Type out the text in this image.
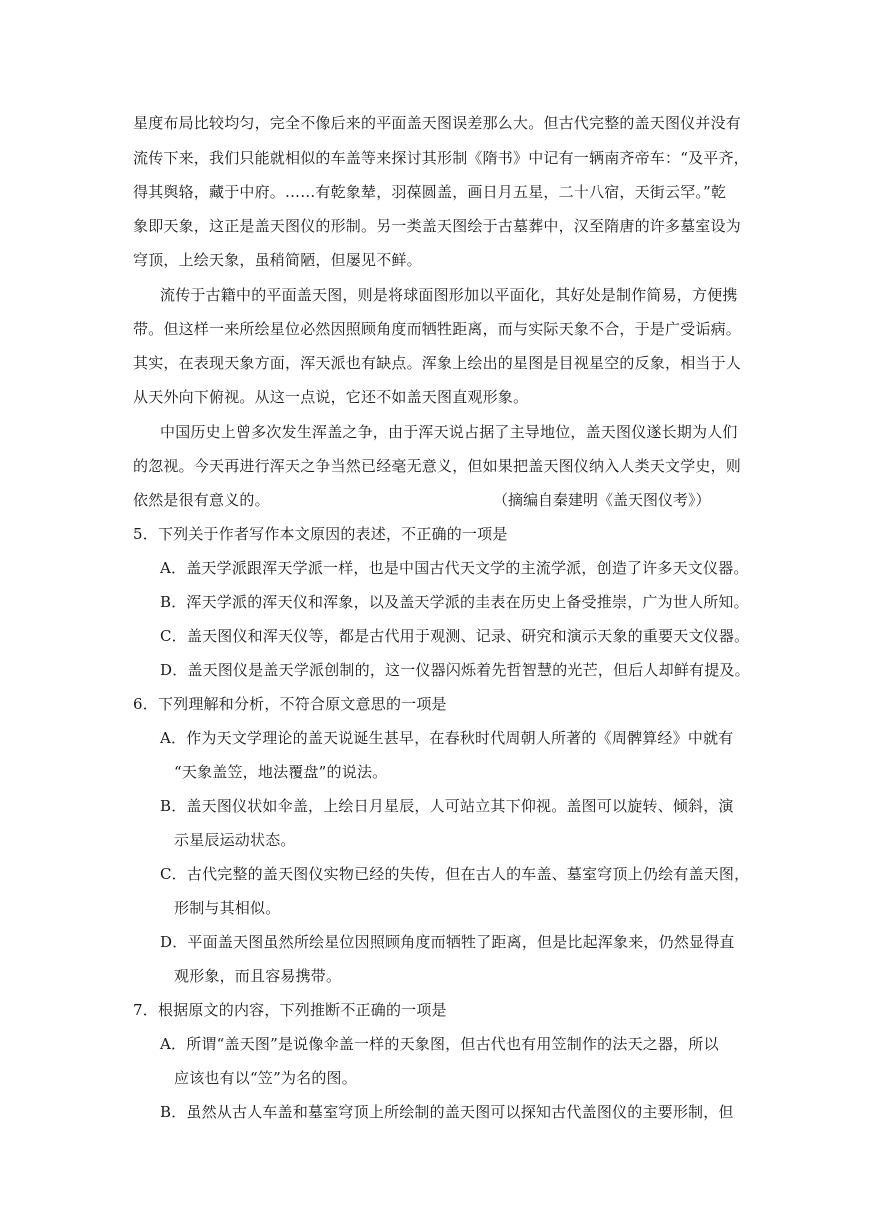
星度布局比较均匀，完全不像后来的平面盖天图误差那么大。但古代完整的盖天图仪并没有
流传下来，我们只能就相似的车盖等来探讨其形制《隋书》中记有一辆南齐帝车：“及平齐，
得其舆辂，藏于中府。……有乾象辇，羽葆圆盖，画日月五星，二十八宿，天街云罕。”乾
象即天象，这正是盖天图仪的形制。另一类盖天图绘于古墓葬中，汉至隋唐的许多墓室设为
穹顶，上绘天象，虽稍简陋，但屡见不鲜。
流传于古籍中的平面盖天图，则是将球面图形加以平面化，其好处是制作简易，方便携
带。但这样一来所绘星位必然因照顾角度而牺牲距离，而与实际天象不合，于是广受诟病。
其实，在表现天象方面，浑天派也有缺点。浑象上绘出的星图是目视星空的反象，相当于人
从天外向下俯视。从这一点说，它还不如盖天图直观形象。
中国历史上曾多次发生浑盖之争，由于浑天说占据了主导地位，盖天图仪遂长期为人们
的忽视。今天再进行浑天之争当然已经毫无意义，但如果把盖天图仪纳入人类天文学史，则
依然是很有意义的。	（摘编自秦建明《盖天图仪考》）
5．下列关于作者写作本文原因的表述，不正确的一项是
A．盖天学派跟浑天学派一样，也是中国古代天文学的主流学派，创造了许多天文仪器。
B．浑天学派的浑天仪和浑象，以及盖天学派的圭表在历史上备受推崇，广为世人所知。
C．盖天图仪和浑天仪等，都是古代用于观测、记录、研究和演示天象的重要天文仪器。
D．盖天图仪是盖天学派创制的，这一仪器闪烁着先哲智慧的光芒，但后人却鲜有提及。
6．下列理解和分析，不符合原文意思的一项是
A．作为天文学理论的盖天说诞生甚早，在春秋时代周朝人所著的《周髀算经》中就有
“天象盖笠，地法覆盘”的说法。
B．盖天图仪状如伞盖，上绘日月星辰，人可站立其下仰视。盖图可以旋转、倾斜，演
示星辰运动状态。
C．古代完整的盖天图仪实物已经的失传，但在古人的车盖、墓室穹顶上仍绘有盖天图，
形制与其相似。
D．平面盖天图虽然所绘星位因照顾角度而牺牲了距离，但是比起浑象来，仍然显得直
观形象，而且容易携带。
7．根据原文的内容，下列推断不正确的一项是
A．所谓“盖天图”是说像伞盖一样的天象图，但古代也有用笠制作的法天之器，所以
应该也有以“笠”为名的图。
B．虽然从古人车盖和墓室穹顶上所绘制的盖天图可以探知古代盖图仪的主要形制，但
